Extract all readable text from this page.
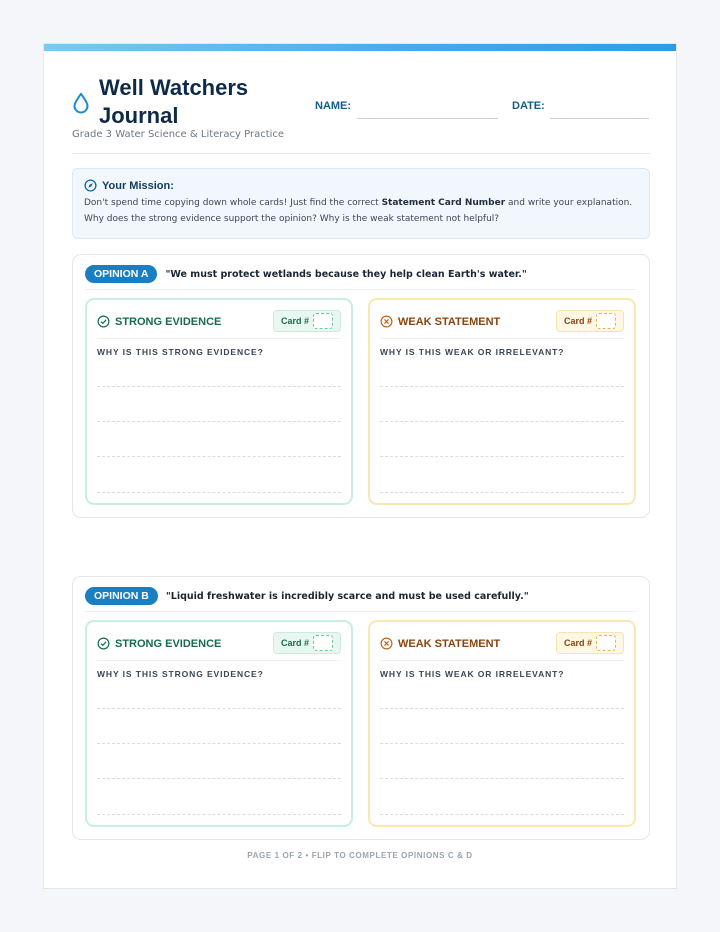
Well Watchers Journal
Grade 3 Water Science & Literacy Practice
NAME:	DATE:
Your Mission:
Don't spend time copying down whole cards! Just find the correct Statement Card Number and write your explanation. Why does the strong evidence support the opinion? Why is the weak statement not helpful?
OPINION A	"We must protect wetlands because they help clean Earth's water."
STRONG EVIDENCE	Card #
WHY IS THIS STRONG EVIDENCE?
WEAK STATEMENT	Card #
WHY IS THIS WEAK OR IRRELEVANT?
OPINION B	"Liquid freshwater is incredibly scarce and must be used carefully."
STRONG EVIDENCE	Card #
WHY IS THIS STRONG EVIDENCE?
WEAK STATEMENT	Card #
WHY IS THIS WEAK OR IRRELEVANT?
PAGE 1 OF 2 • FLIP TO COMPLETE OPINIONS C & D
